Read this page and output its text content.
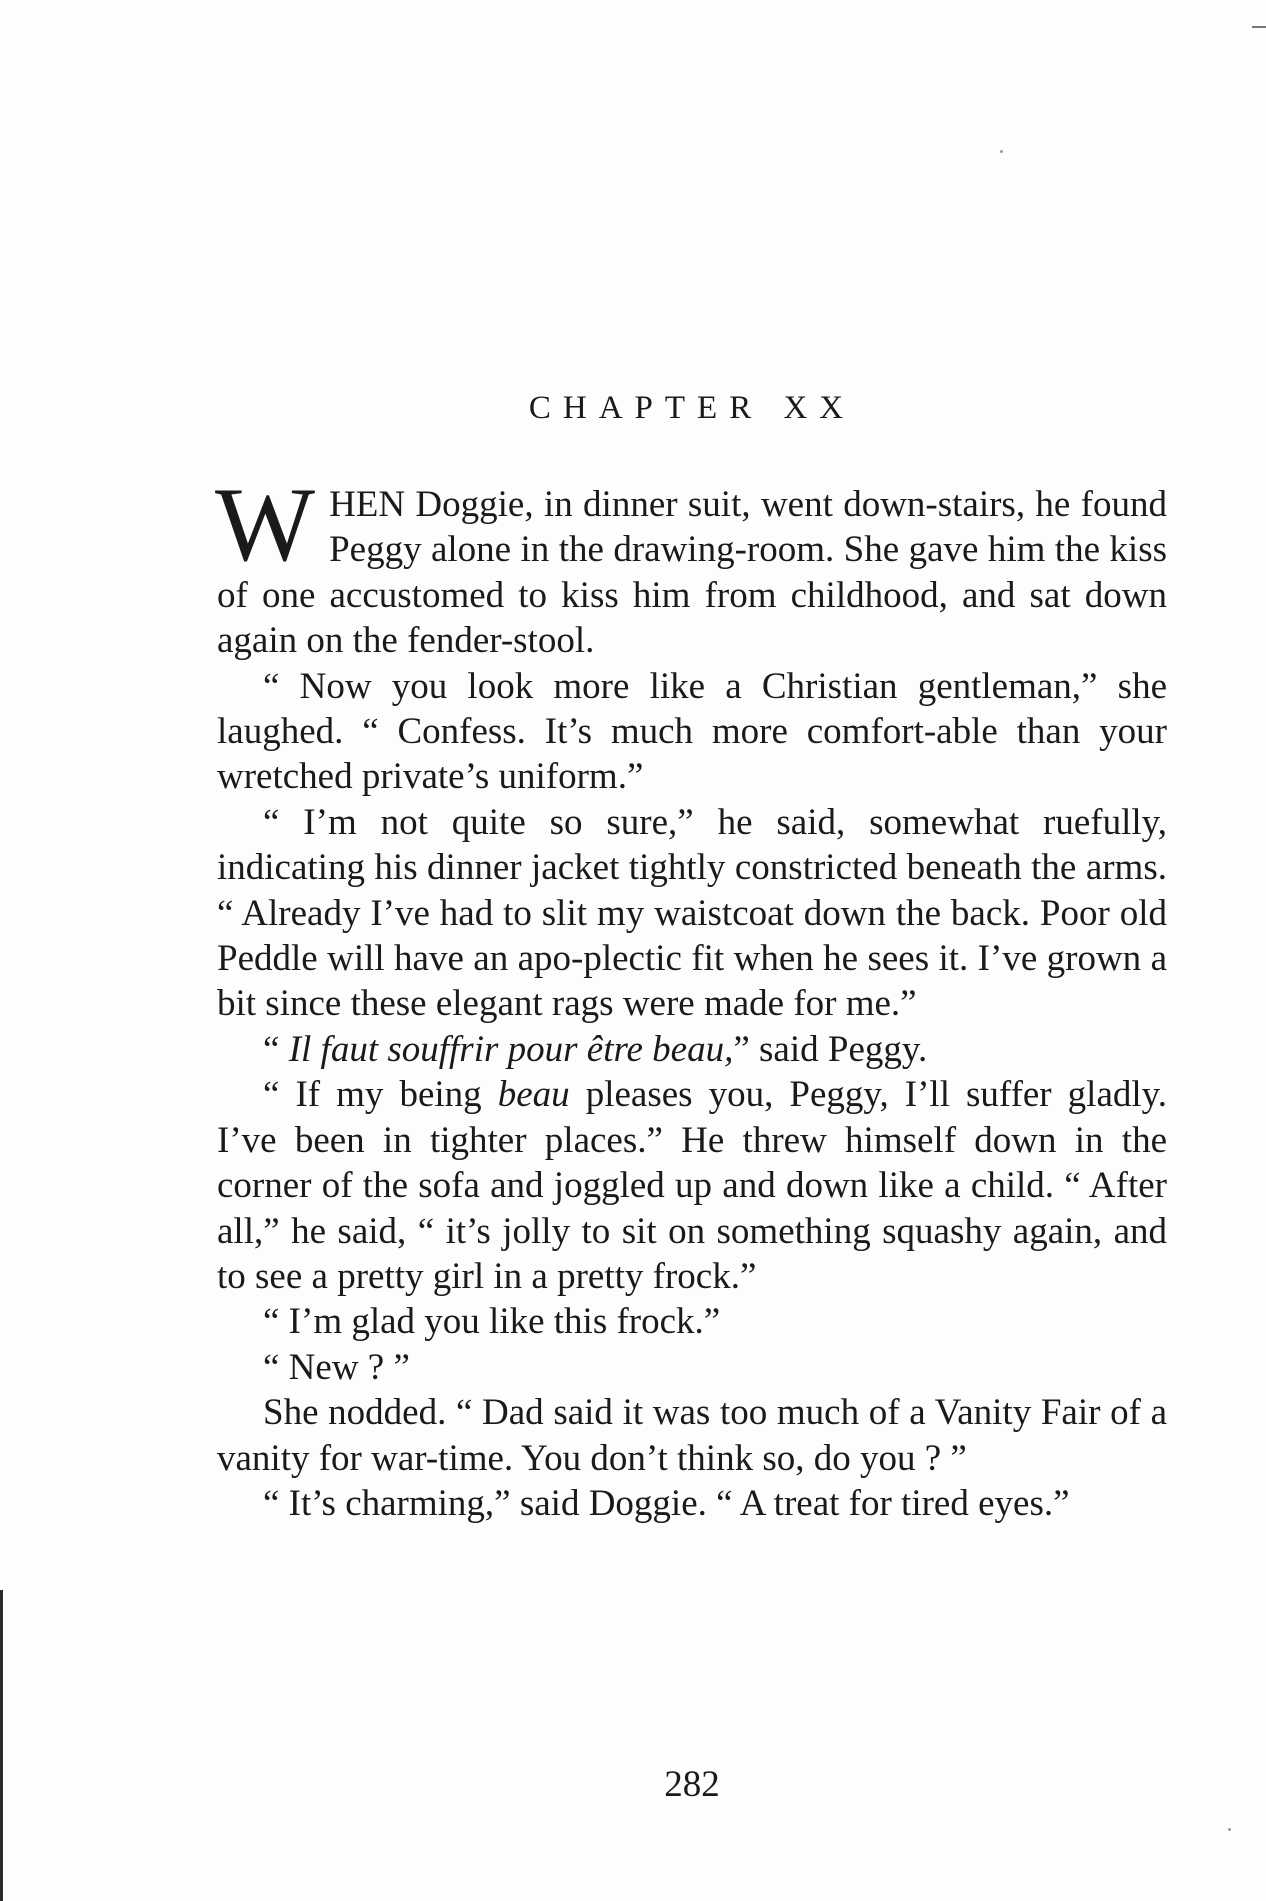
CHAPTER XX

WHEN Doggie, in dinner suit, went down-stairs, he found Peggy alone in the drawing-room. She gave him the kiss of one accustomed to kiss him from childhood, and sat down again on the fender-stool.

“ Now you look more like a Christian gentleman,” she laughed. “ Confess. It’s much more comfort-able than your wretched private’s uniform.”

“ I’m not quite so sure,” he said, somewhat ruefully, indicating his dinner jacket tightly constricted beneath the arms. “ Already I’ve had to slit my waistcoat down the back. Poor old Peddle will have an apo-plectic fit when he sees it. I’ve grown a bit since these elegant rags were made for me.”

“ Il faut souffrir pour être beau,” said Peggy.

“ If my being beau pleases you, Peggy, I’ll suffer gladly. I’ve been in tighter places.” He threw himself down in the corner of the sofa and joggled up and down like a child. “ After all,” he said, “ it’s jolly to sit on something squashy again, and to see a pretty girl in a pretty frock.”

“ I’m glad you like this frock.”

“ New ? ”

She nodded. “ Dad said it was too much of a Vanity Fair of a vanity for war-time. You don’t think so, do you ? ”

“ It’s charming,” said Doggie. “ A treat for tired eyes.”

282
